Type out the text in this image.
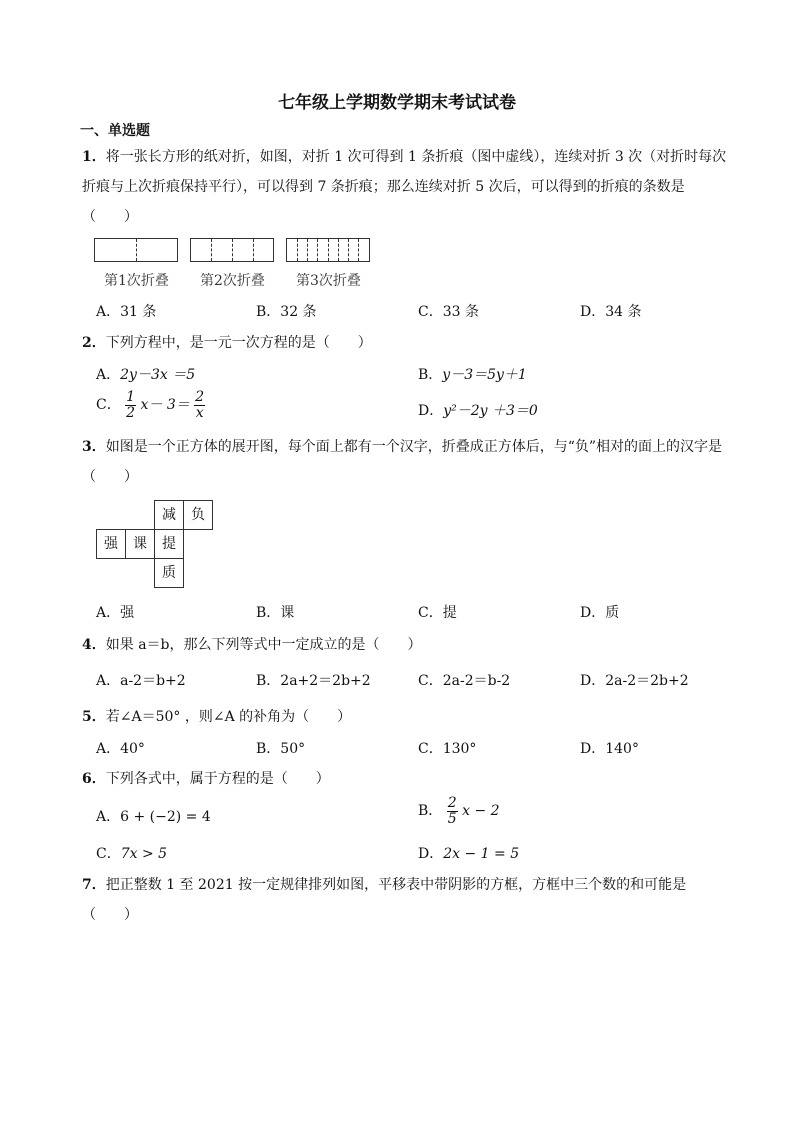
七年级上学期数学期末考试试卷
一、单选题
1．将一张长方形的纸对折，如图，对折 1 次可得到 1 条折痕（图中虚线），连续对折 3 次（对折时每次
折痕与上次折痕保持平行），可以得到 7 条折痕；那么连续对折 5 次后，可以得到的折痕的条数是
（　　）
第1次折叠 第2次折叠 第3次折叠
A．31 条	B．32 条	C．33 条	D．34 条
2．下列方程中，是一元一次方程的是（　　）
A．2y－3x ＝5	B．y－3＝5y＋1
C． $\frac{1}{2} x- 3= \frac{2}{x}$	D．y²－2y ＋3＝0
3．如图是一个正方体的展开图，每个面上都有一个汉字，折叠成正方体后，与“负”相对的面上的汉字是
（　　）
减	负
强	课	提
质
A．强	B．课	C．提	D．质
4．如果 a＝b，那么下列等式中一定成立的是（　　）
A．a-2＝b+2	B．2a+2＝2b+2	C．2a-2＝b-2	D．2a-2＝2b+2
5．若∠A＝50° ，则∠A 的补角为（　　）
A．40°	B．50°	C．130°	D．140°
6．下列各式中，属于方程的是（　　）
A．6 + (−2) = 4	B． $\frac{2}{5}$ x − 2
C．7x > 5	D．2x − 1 = 5
7．把正整数 1 至 2021 按一定规律排列如图，平移表中带阴影的方框，方框中三个数的和可能是
（　　）
